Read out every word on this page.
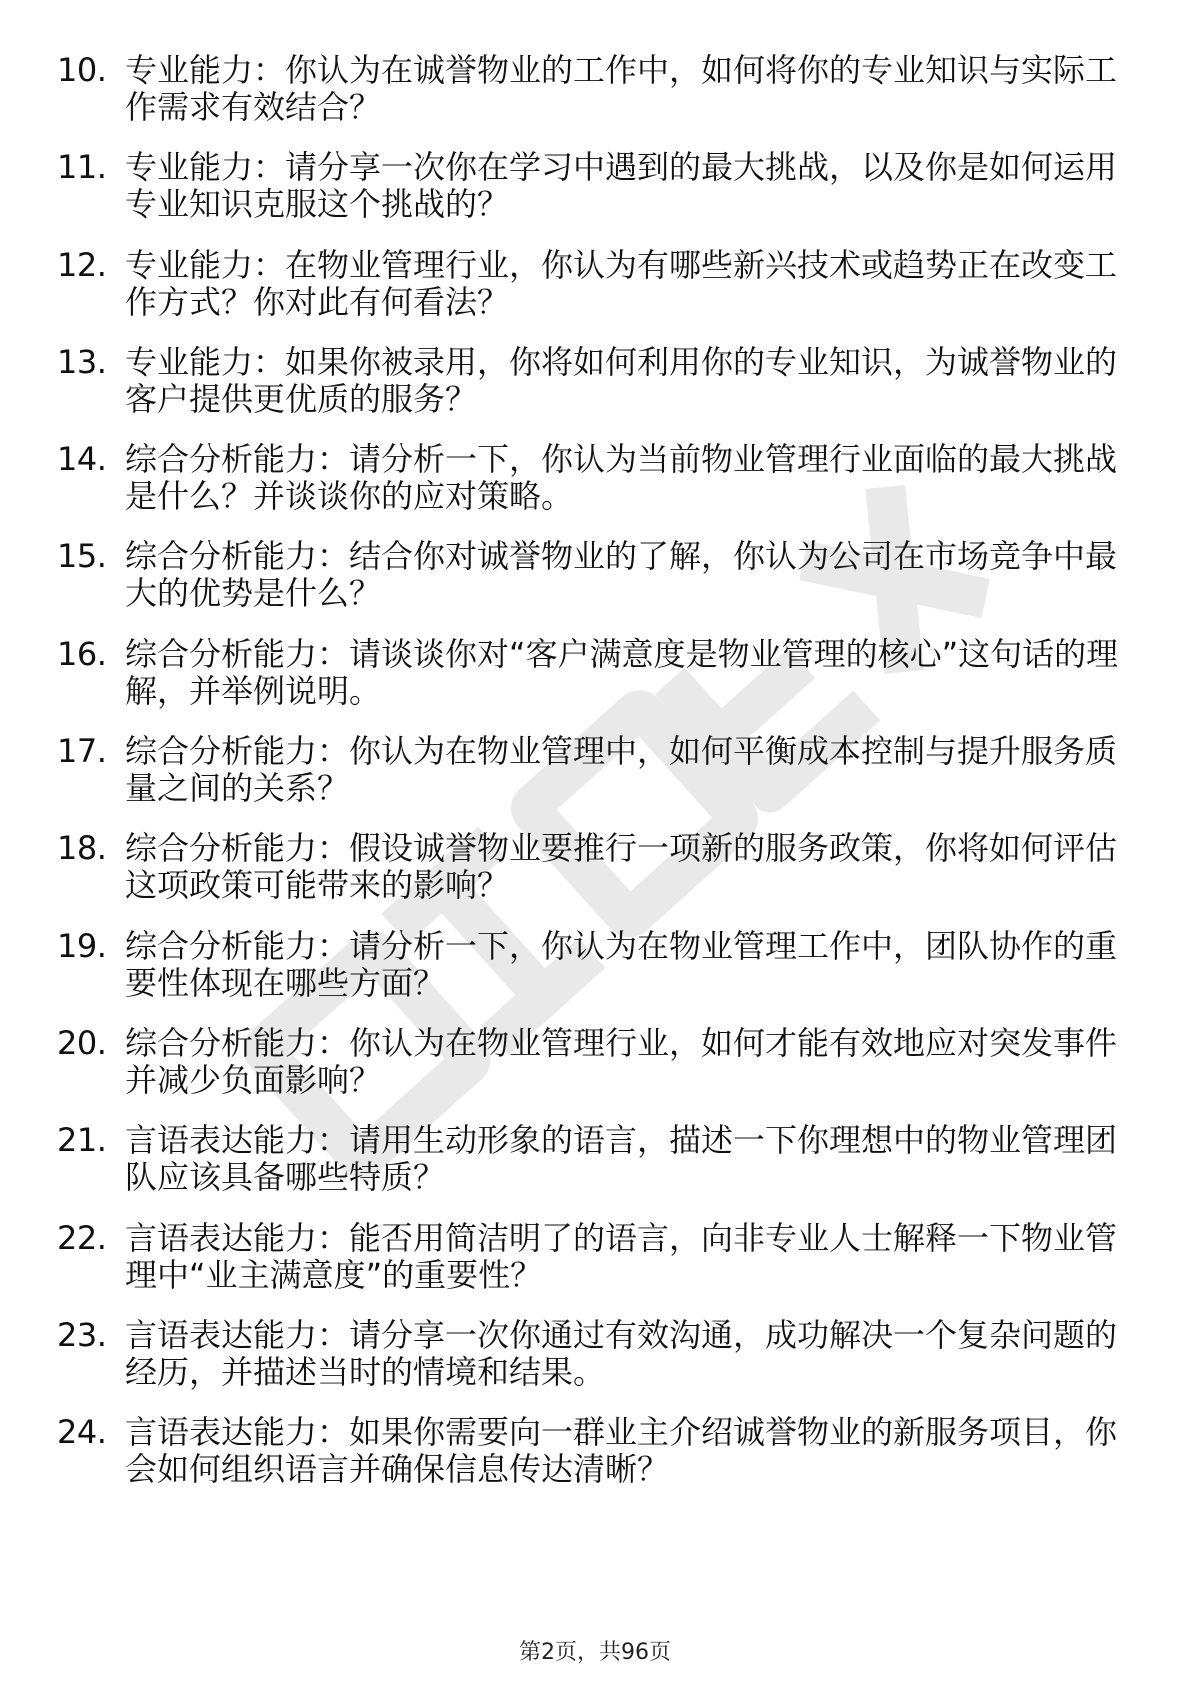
10. 专业能力：你认为在诚誉物业的工作中，如何将你的专业知识与实际工作需求有效结合？

11. 专业能力：请分享一次你在学习中遇到的最大挑战，以及你是如何运用专业知识克服这个挑战的？

12. 专业能力：在物业管理行业，你认为有哪些新兴技术或趋势正在改变工作方式？你对此有何看法？

13. 专业能力：如果你被录用，你将如何利用你的专业知识，为诚誉物业的客户提供更优质的服务？

14. 综合分析能力：请分析一下，你认为当前物业管理行业面临的最大挑战是什么？并谈谈你的应对策略。

15. 综合分析能力：结合你对诚誉物业的了解，你认为公司在市场竞争中最大的优势是什么？

16. 综合分析能力：请谈谈你对“客户满意度是物业管理的核心”这句话的理解，并举例说明。

17. 综合分析能力：你认为在物业管理中，如何平衡成本控制与提升服务质量之间的关系？

18. 综合分析能力：假设诚誉物业要推行一项新的服务政策，你将如何评估这项政策可能带来的影响？

19. 综合分析能力：请分析一下，你认为在物业管理工作中，团队协作的重要性体现在哪些方面？

20. 综合分析能力：你认为在物业管理行业，如何才能有效地应对突发事件并减少负面影响？

21. 言语表达能力：请用生动形象的语言，描述一下你理想中的物业管理团队应该具备哪些特质？

22. 言语表达能力：能否用简洁明了的语言，向非专业人士解释一下物业管理中“业主满意度”的重要性？

23. 言语表达能力：请分享一次你通过有效沟通，成功解决一个复杂问题的经历，并描述当时的情境和结果。

24. 言语表达能力：如果你需要向一群业主介绍诚誉物业的新服务项目，你会如何组织语言并确保信息传达清晰？

第2页，共96页
